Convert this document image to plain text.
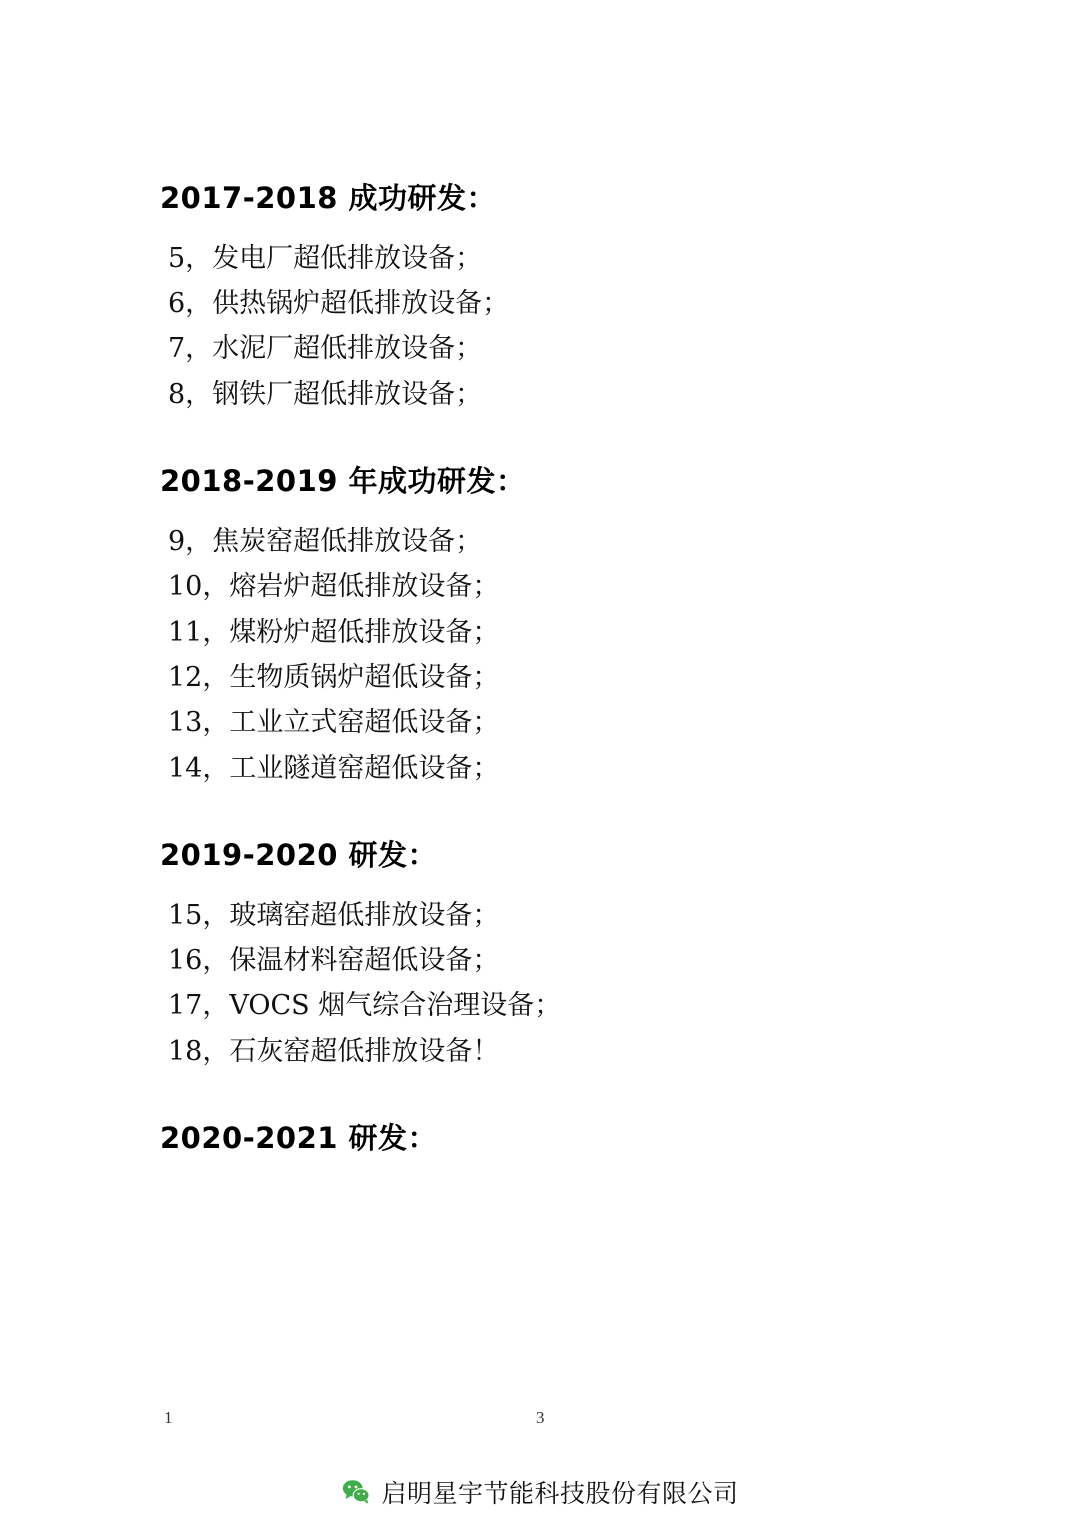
2017-2018 成功研发：
5，发电厂超低排放设备；
6，供热锅炉超低排放设备；
7，水泥厂超低排放设备；
8，钢铁厂超低排放设备；
2018-2019 年成功研发：
9，焦炭窑超低排放设备；
10，熔岩炉超低排放设备；
11，煤粉炉超低排放设备；
12，生物质锅炉超低设备；
13，工业立式窑超低设备；
14，工业隧道窑超低设备；
2019-2020 研发：
15，玻璃窑超低排放设备；
16，保温材料窑超低设备；
17，VOCS 烟气综合治理设备；
18，石灰窑超低排放设备！
2020-2021 研发：
1	3
启明星宇节能科技股份有限公司
